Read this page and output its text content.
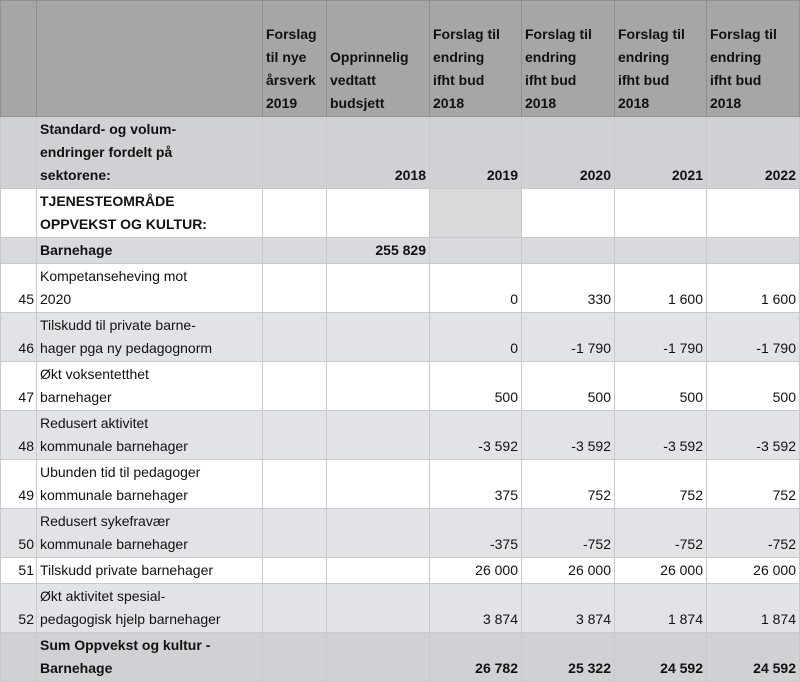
		Forslag
til nye
årsverk
2019	Opprinnelig
vedtatt
budsjett	Forslag til
endring
ifht bud
2018	Forslag til
endring
ifht bud
2018	Forslag til
endring
ifht bud
2018	Forslag til
endring
ifht bud
2018
	Standard- og volum-
endringer fordelt på
sektorene:		2018	2019	2020	2021	2022
	TJENESTEOMRÅDE
OPPVEKST OG KULTUR:						
	Barnehage		255 829				
45	Kompetanseheving mot
2020			0	330	1 600	1 600
46	Tilskudd til private barne-
hager pga ny pedagognorm			0	-1 790	-1 790	-1 790
47	Økt voksentetthet
barnehager			500	500	500	500
48	Redusert aktivitet
kommunale barnehager			-3 592	-3 592	-3 592	-3 592
49	Ubunden tid til pedagoger
kommunale barnehager			375	752	752	752
50	Redusert sykefravær
kommunale barnehager			-375	-752	-752	-752
51	Tilskudd private barnehager			26 000	26 000	26 000	26 000
52	Økt aktivitet spesial-
pedagogisk hjelp barnehager			3 874	3 874	1 874	1 874
	Sum Oppvekst og kultur -
Barnehage			26 782	25 322	24 592	24 592
